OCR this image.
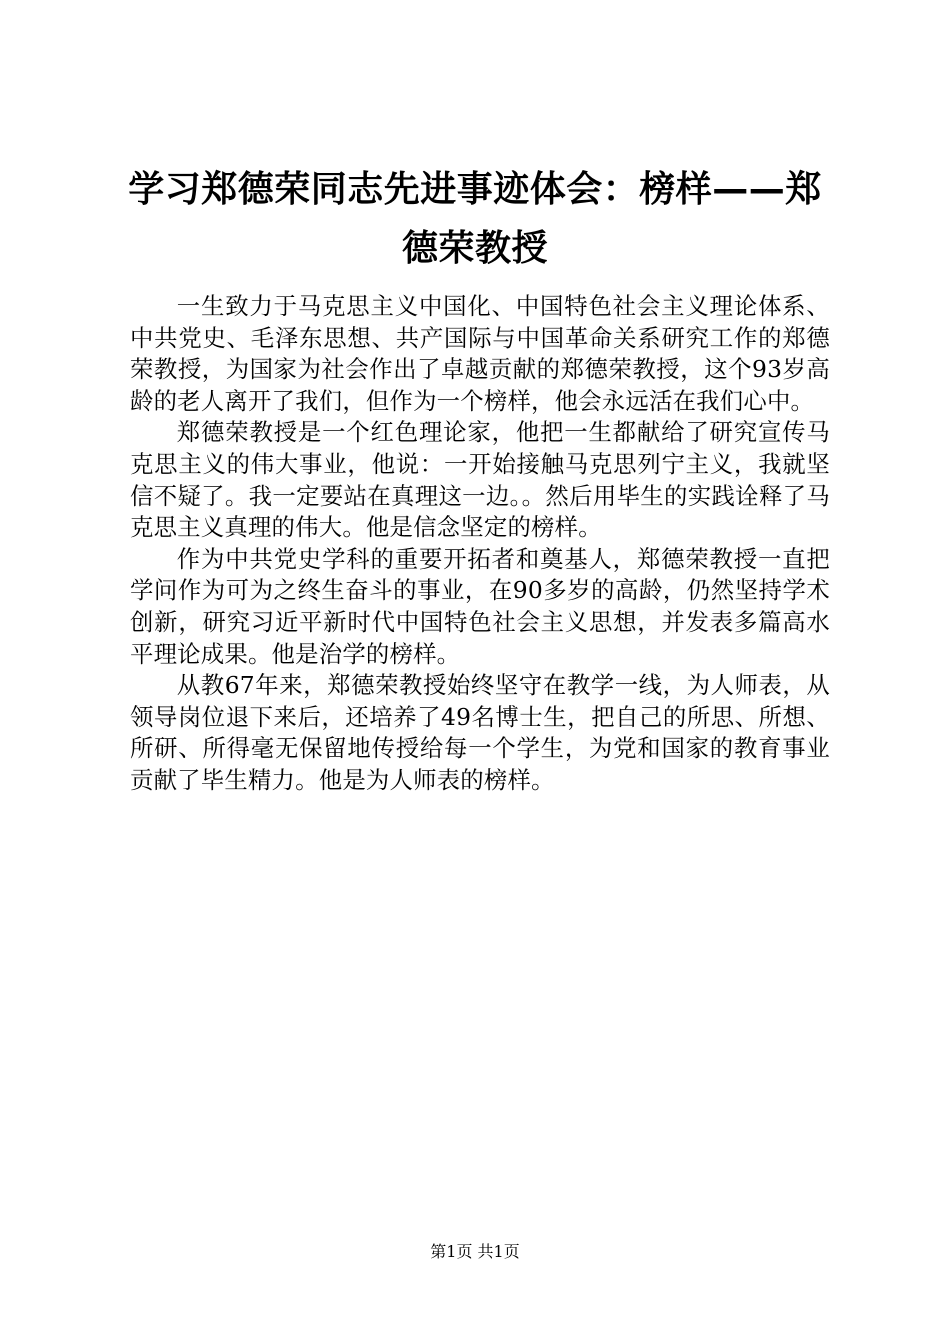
学习郑德荣同志先进事迹体会：榜样——郑德荣教授

一生致力于马克思主义中国化、中国特色社会主义理论体系、中共党史、毛泽东思想、共产国际与中国革命关系研究工作的郑德荣教授，为国家为社会作出了卓越贡献的郑德荣教授，这个93岁高龄的老人离开了我们，但作为一个榜样，他会永远活在我们心中。

郑德荣教授是一个红色理论家，他把一生都献给了研究宣传马克思主义的伟大事业，他说：一开始接触马克思列宁主义，我就坚信不疑了。我一定要站在真理这一边。。然后用毕生的实践诠释了马克思主义真理的伟大。他是信念坚定的榜样。

作为中共党史学科的重要开拓者和奠基人，郑德荣教授一直把学问作为可为之终生奋斗的事业，在90多岁的高龄，仍然坚持学术创新，研究习近平新时代中国特色社会主义思想，并发表多篇高水平理论成果。他是治学的榜样。

从教67年来，郑德荣教授始终坚守在教学一线，为人师表，从领导岗位退下来后，还培养了49名博士生，把自己的所思、所想、所研、所得毫无保留地传授给每一个学生，为党和国家的教育事业贡献了毕生精力。他是为人师表的榜样。

第1页 共1页
